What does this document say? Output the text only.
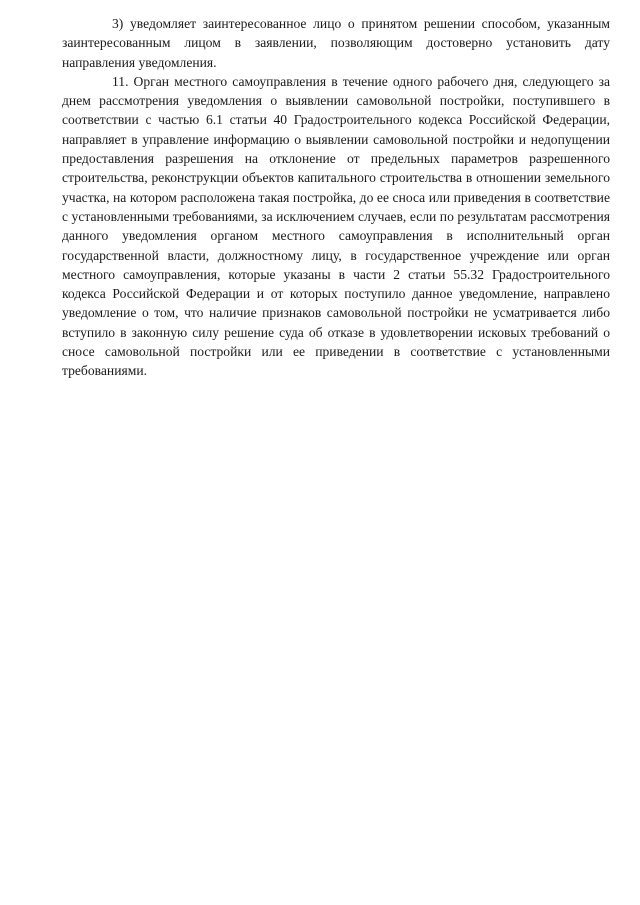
3) уведомляет заинтересованное лицо о принятом решении способом, указанным заинтересованным лицом в заявлении, позволяющим достоверно установить дату направления уведомления.

11. Орган местного самоуправления в течение одного рабочего дня, следующего за днем рассмотрения уведомления о выявлении самовольной постройки, поступившего в соответствии с частью 6.1 статьи 40 Градостроительного кодекса Российской Федерации, направляет в управление информацию о выявлении самовольной постройки и недопущении предоставления разрешения на отклонение от предельных параметров разрешенного строительства, реконструкции объектов капитального строительства в отношении земельного участка, на котором расположена такая постройка, до ее сноса или приведения в соответствие с установленными требованиями, за исключением случаев, если по результатам рассмотрения данного уведомления органом местного самоуправления в исполнительный орган государственной власти, должностному лицу, в государственное учреждение или орган местного самоуправления, которые указаны в части 2 статьи 55.32 Градостроительного кодекса Российской Федерации и от которых поступило данное уведомление, направлено уведомление о том, что наличие признаков самовольной постройки не усматривается либо вступило в законную силу решение суда об отказе в удовлетворении исковых требований о сносе самовольной постройки или ее приведении в соответствие с установленными требованиями.
